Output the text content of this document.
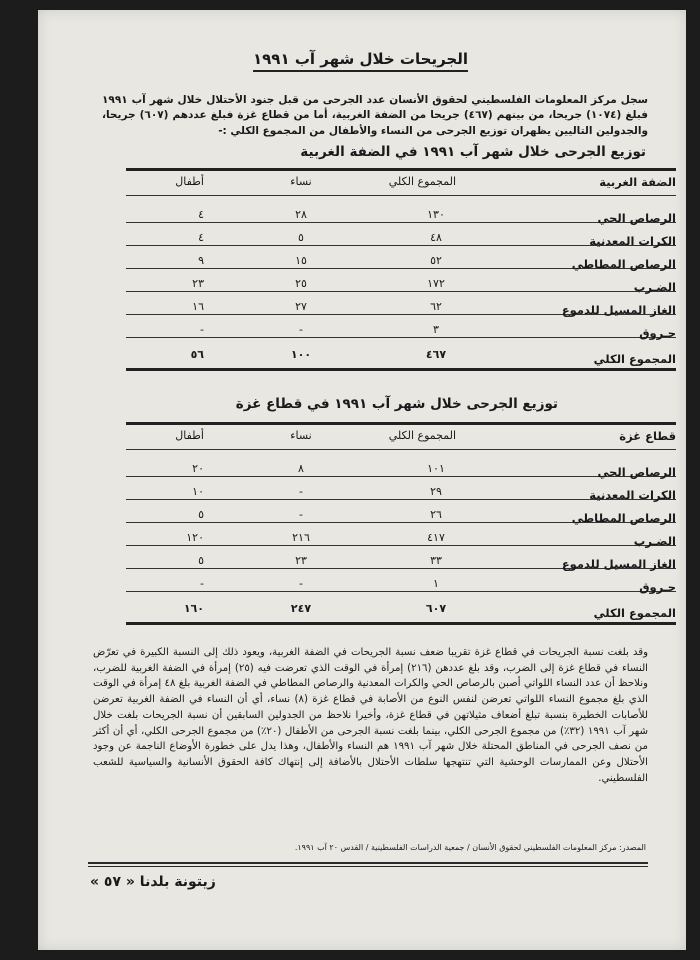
الجريحات خلال شهر آب ١٩٩١

سجل مركز المعلومات الفلسطيني لحقوق الأنسان عدد الجرحى من قبل جنود الأحتلال خلال شهر آب ١٩٩١ فبلغ (١٠٧٤) جريحا، من بينهم (٤٦٧) جريحا من الضفة الغربية، أما من قطاع غزة فبلغ عددهم (٦٠٧) جريحا، والجدولين التاليين يظهران توزيع الجرحى من النساء والأطفال من المجموع الكلي :-

توزيع الجرحى خلال شهر آب ١٩٩١ في الضفة الغربية
الضفة الغربية
المجموع الكلي
نساء
أطفال
الرصاص الحي
١٣٠
٢٨
٤
الكرات المعدنية
٤٨
٥
٤
الرصاص المطاطي
٥٢
١٥
٩
الضـرب
١٧٢
٢٥
٢٣
الغاز المسيل للدموع
٦٢
٢٧
١٦
حـروق
٣
-
-
المجموع الكلي
٤٦٧
١٠٠
٥٦
توزيع الجرحى خلال شهر آب ١٩٩١ في قطاع غزة
قطاع غزة
المجموع الكلي
نساء
أطفال
الرصاص الحي
١٠١
٨
٢٠
الكرات المعدنية
٢٩
-
١٠
الرصاص المطاطي
٢٦
-
٥
الضـرب
٤١٧
٢١٦
١٢٠
الغاز المسيل للدموع
٣٣
٢٣
٥
حـروق
١
-
-
المجموع الكلي
٦٠٧
٢٤٧
١٦٠

وقد بلغت نسبة الجريحات في قطاع غزة تقريبا ضعف نسبة الجريحات في الضفة الغربية، ويعود ذلك إلى النسبة الكبيرة في تعرّض النساء في قطاع غزة إلى الضرب، وقد بلغ عددهن (٢١٦) إمرأة في الوقت الذي تعرضت فيه (٢٥) إمرأة في الضفة الغربية للضرب، ونلاحظ أن عدد النساء اللواتي أصبن بالرصاص الحي والكرات المعدنية والرصاص المطاطي في الضفة الغربية بلغ ٤٨ إمرأة في الوقت الذي بلغ مجموع النساء اللواتي تعرضن لنفس النوع من الأصابة في قطاع غزة (٨) نساء، أي أن النساء في الضفة الغربية تعرضن للأصابات الخطيرة بنسبة تبلغ أضعاف مثيلاتهن في قطاع غزة، وأخيرا نلاحظ من الجدولين السابقين أن نسبة الجريحات بلغت خلال شهر آب ١٩٩١ (٣٢٪) من مجموع الجرحى الكلي، بينما بلغت نسبة الجرحى من الأطفال (٢٠٪) من مجموع الجرحى الكلي، أي أن أكثر من نصف الجرحى في المناطق المحتلة خلال شهر آب ١٩٩١ هم النساء والأطفال، وهذا يدل على خطورة الأوضاع الناجمة عن وجود الأحتلال وعن الممارسات الوحشية التي تنتهجها سلطات الأحتلال بالأضافة إلى إنتهاك كافة الحقوق الأنسانية والسياسية للشعب الفلسطيني.

المصدر: مركز المعلومات الفلسطيني لحقوق الأنسان / جمعية الدراسات الفلسطينية / القدس ٢٠ آب ١٩٩١.

زيتونة بلدنا « ٥٧ »
